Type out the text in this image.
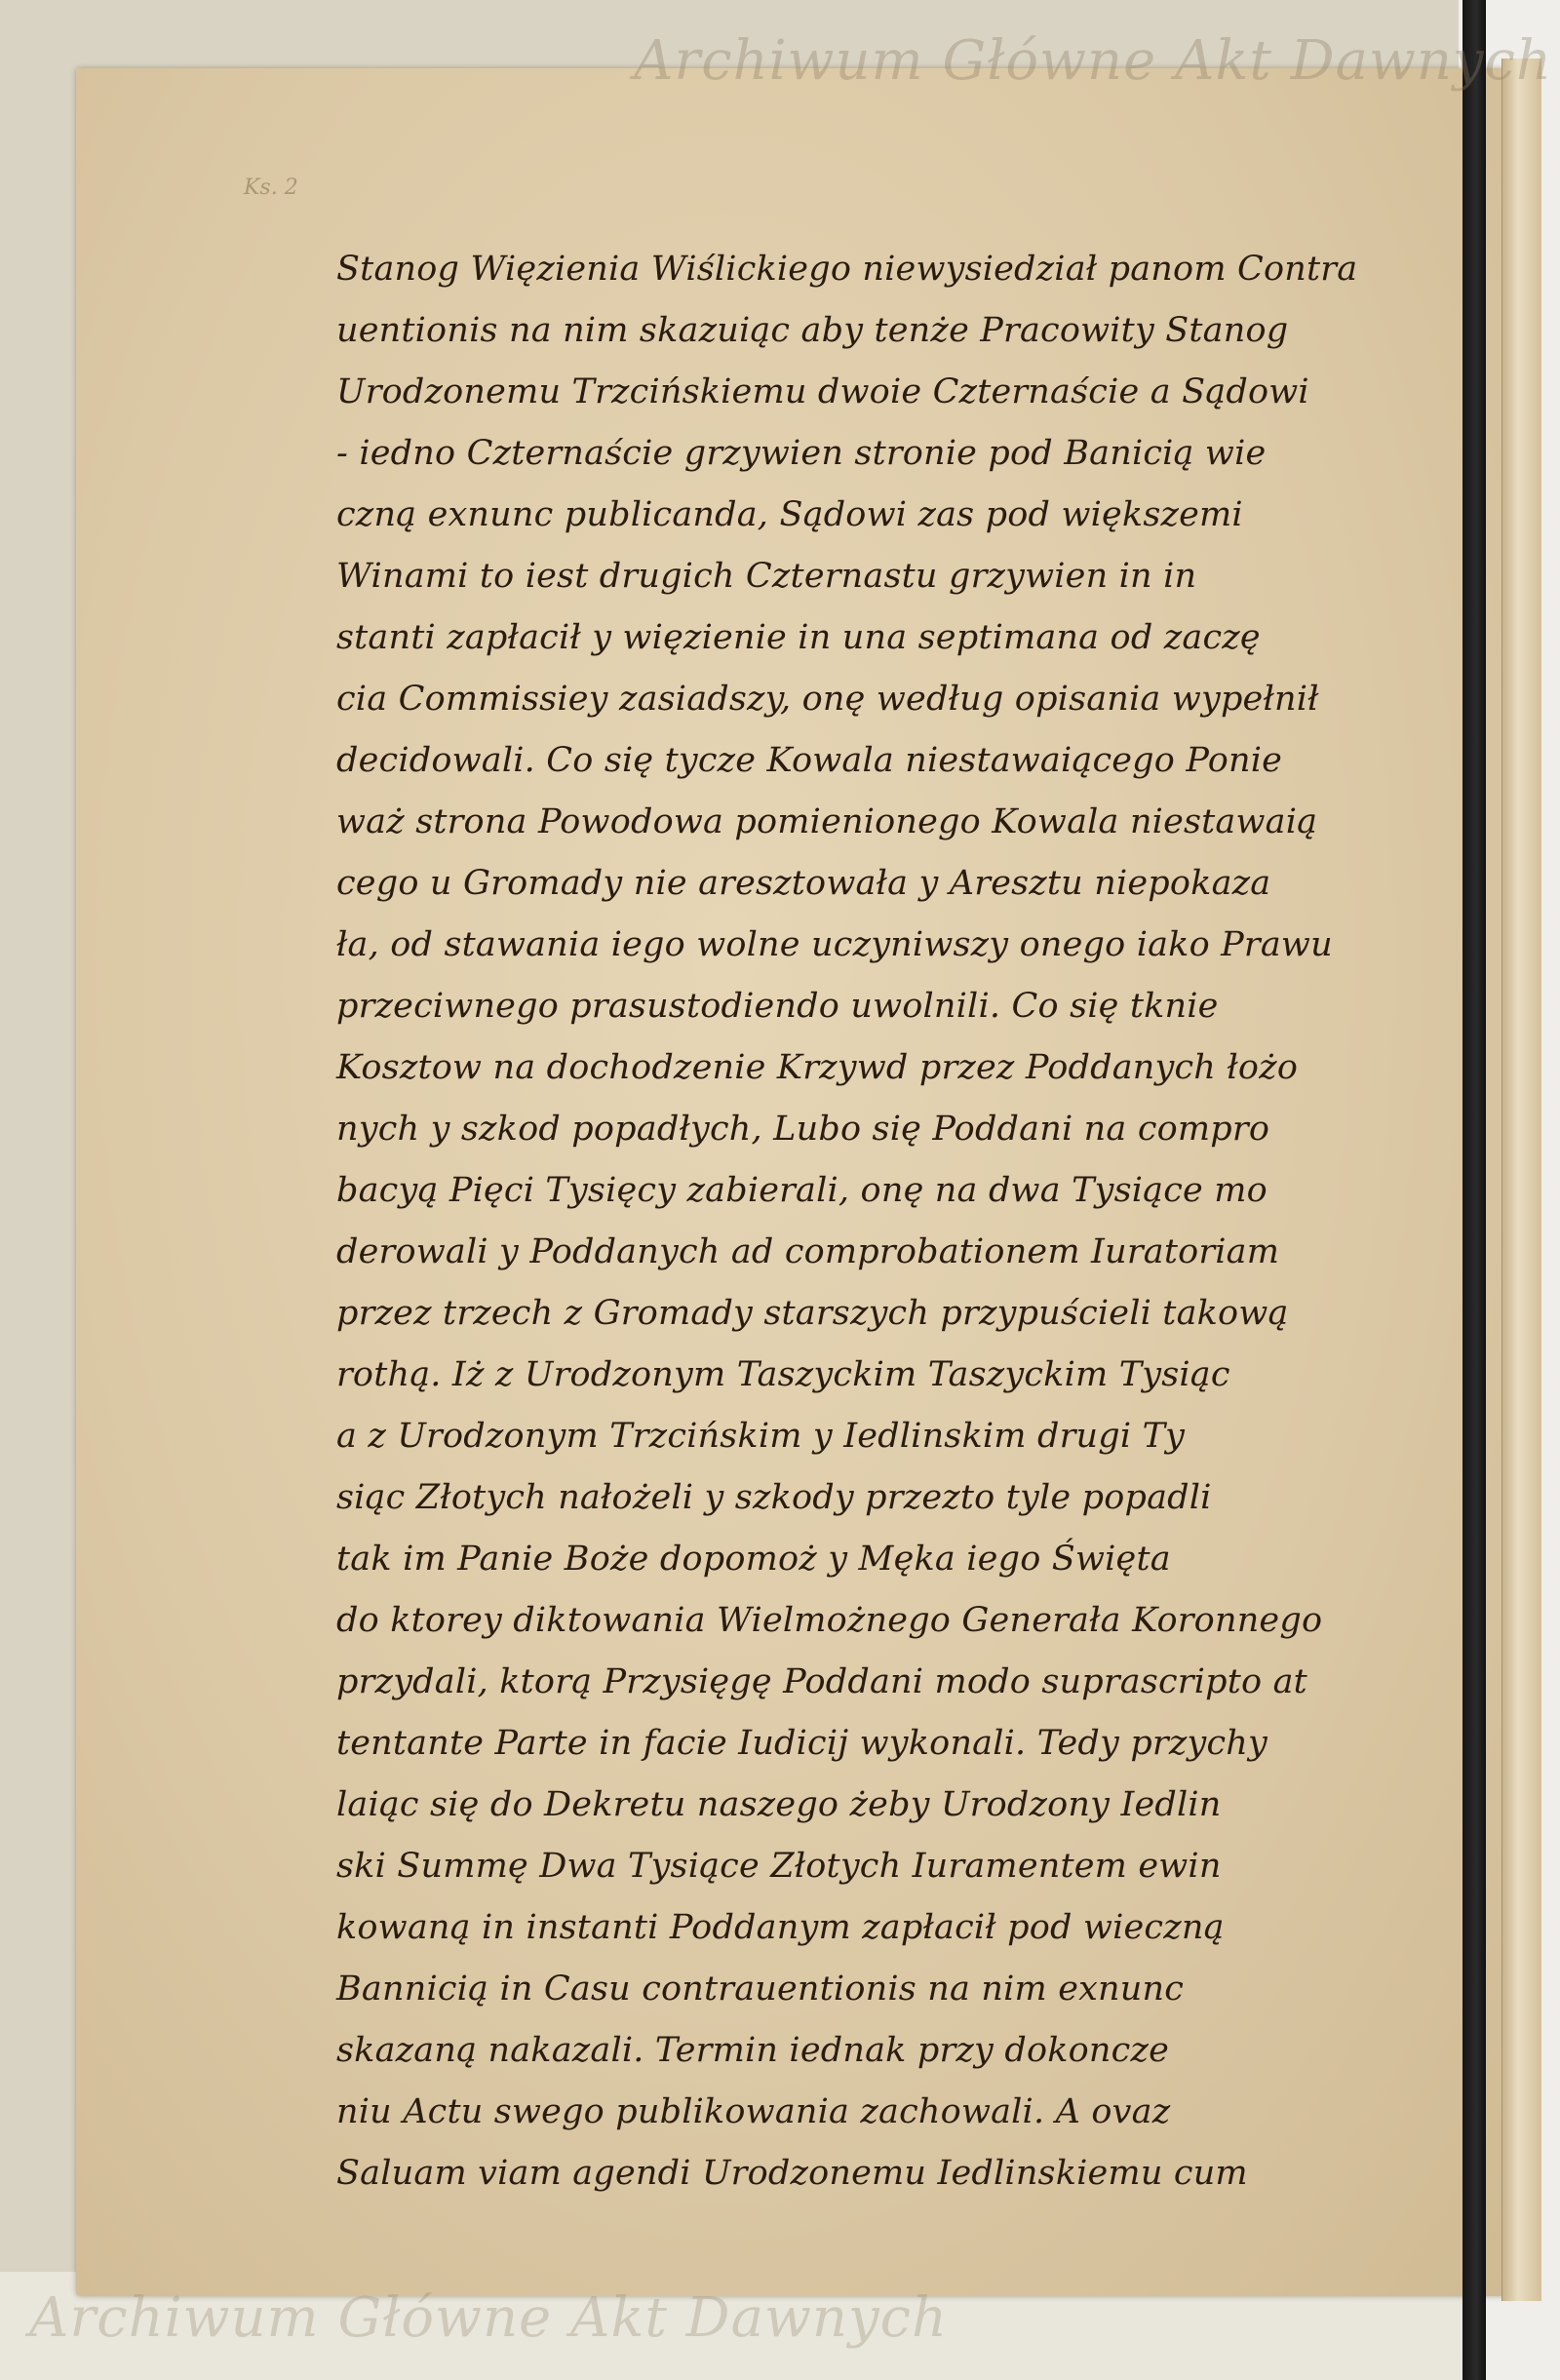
Archiwum Główne Akt Dawnych
Archiwum Główne Akt Dawnych
Ks. 2
Stanog Więzienia Wiślickiego niewysiedział panom Contra
uentionis na nim skazuiąc aby tenże Pracowity Stanog
Urodzonemu Trzcińskiemu dwoie Czternaście a Sądowi
- iedno Czternaście grzywien stronie pod Banicią wie
czną exnunc publicanda, Sądowi zas pod większemi
Winami to iest drugich Czternastu grzywien in in
stanti zapłacił y więzienie in una septimana od zaczę
cia Commissiey zasiadszy, onę według opisania wypełnił
decidowali. Co się tycze Kowala niestawaiącego Ponie
waż strona Powodowa pomienionego Kowala niestawaią
cego u Gromady nie aresztowała y Aresztu niepokaza
ła, od stawania iego wolne uczyniwszy onego iako Prawu
przeciwnego prasustodiendo uwolnili. Co się tknie
Kosztow na dochodzenie Krzywd przez Poddanych łożo
nych y szkod popadłych, Lubo się Poddani na compro
bacyą Pięci Tysięcy zabierali, onę na dwa Tysiące mo
derowali y Poddanych ad comprobationem Iuratoriam
przez trzech z Gromady starszych przypuścieli takową
rothą. Iż z Urodzonym Taszyckim Taszyckim Tysiąc
a z Urodzonym Trzcińskim y Iedlinskim drugi Ty
siąc Złotych nałożeli y szkody przezto tyle popadli
tak im Panie Boże dopomoż y Męka iego Święta
do ktorey diktowania Wielmożnego Generała Koronnego
przydali, ktorą Przysięgę Poddani modo suprascripto at
tentante Parte in facie Iudicij wykonali. Tedy przychy
laiąc się do Dekretu naszego żeby Urodzony Iedlin
ski Summę Dwa Tysiące Złotych Iuramentem ewin
kowaną in instanti Poddanym zapłacił pod wieczną
Bannicią in Casu contrauentionis na nim exnunc
skazaną nakazali. Termin iednak przy dokoncze
niu Actu swego publikowania zachowali. A ovaz
Saluam viam agendi Urodzonemu Iedlinskiemu cum
